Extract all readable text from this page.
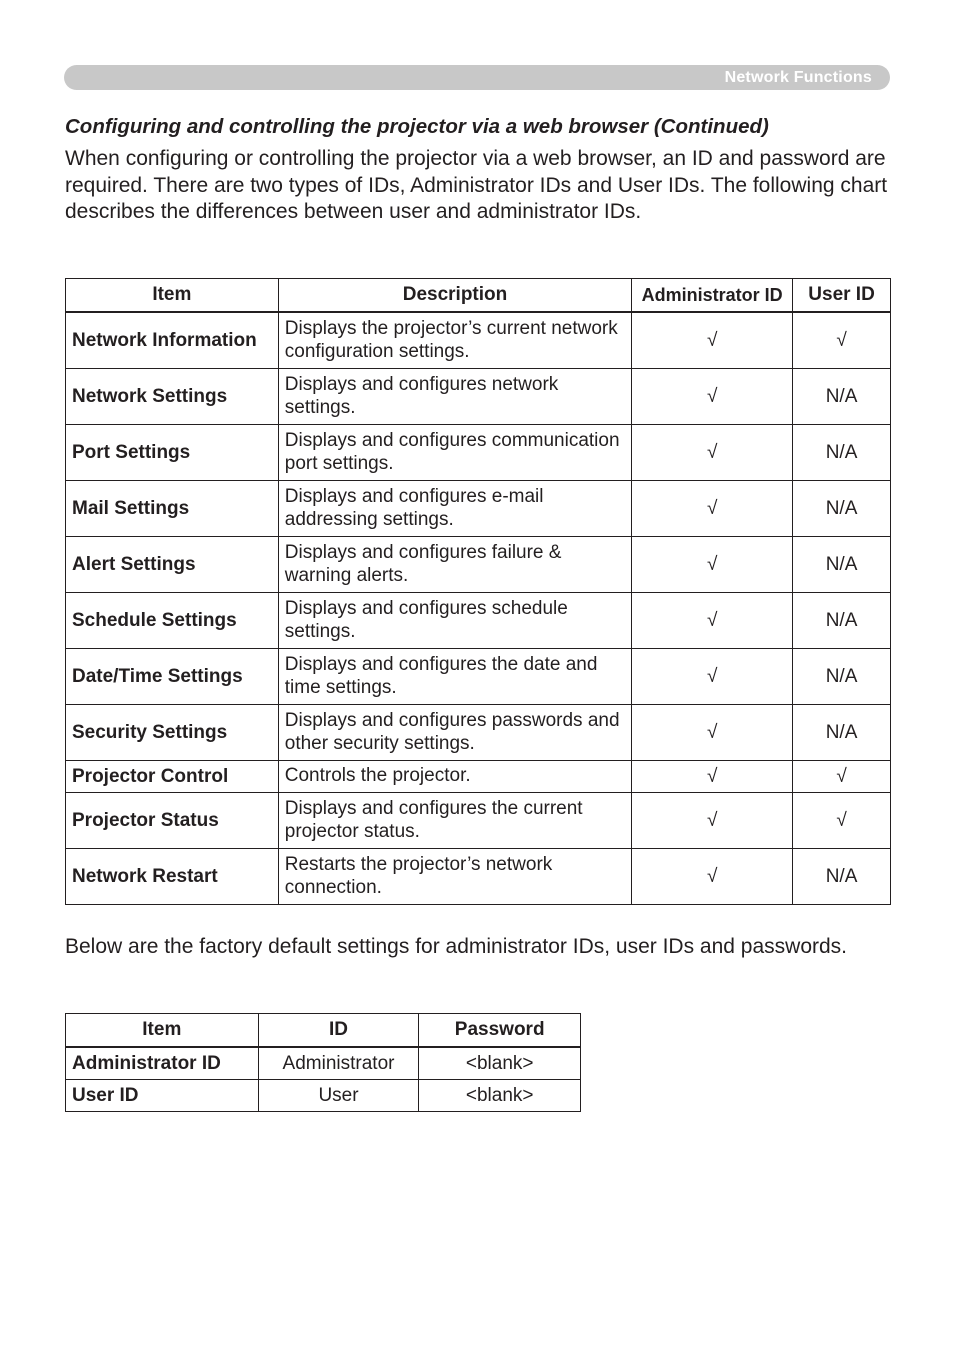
Network Functions
Configuring and controlling the projector via a web browser (Continued)

When configuring or controlling the projector via a web browser, an ID and password are required. There are two types of IDs, Administrator IDs and User IDs. The following chart describes the differences between user and administrator IDs.

Item	Description	Administrator ID	User ID
Network Information	Displays the projector’s current network configuration settings.	√	√
Network Settings	Displays and configures network settings.	√	N/A
Port Settings	Displays and configures communication port settings.	√	N/A
Mail Settings	Displays and configures e-mail addressing settings.	√	N/A
Alert Settings	Displays and configures failure & warning alerts.	√	N/A
Schedule Settings	Displays and configures schedule settings.	√	N/A
Date/Time Settings	Displays and configures the date and time settings.	√	N/A
Security Settings	Displays and configures passwords and other security settings.	√	N/A
Projector Control	Controls the projector.	√	√
Projector Status	Displays and configures the current projector status.	√	√
Network Restart	Restarts the projector’s network connection.	√	N/A

Below are the factory default settings for administrator IDs, user IDs and passwords.

Item	ID	Password
Administrator ID	Administrator	<blank>
User ID	User	<blank>
